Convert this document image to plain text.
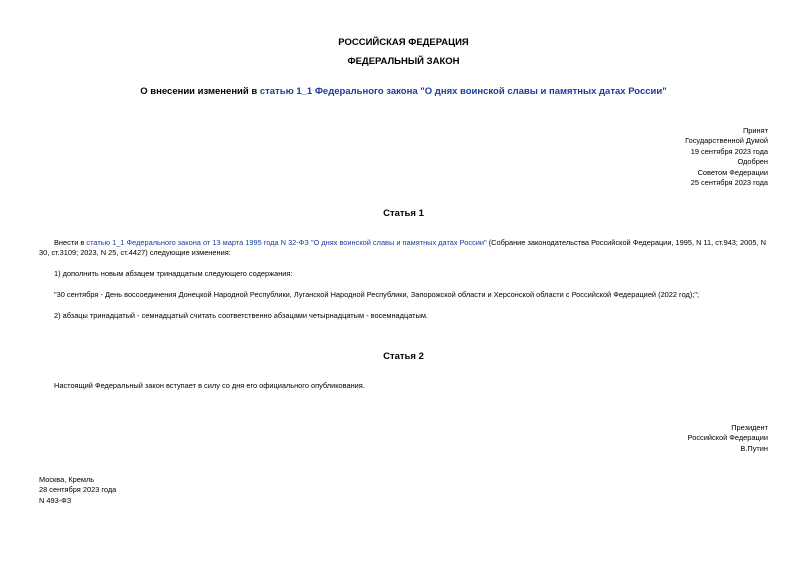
РОССИЙСКАЯ ФЕДЕРАЦИЯ
ФЕДЕРАЛЬНЫЙ ЗАКОН
О внесении изменений в статью 1_1 Федерального закона "О днях воинской славы и памятных датах России"
Принят
Государственной Думой
19 сентября 2023 года
Одобрен
Советом Федерации
25 сентября 2023 года
Статья 1
Внести в статью 1_1 Федерального закона от 13 марта 1995 года N 32-ФЗ "О днях воинской славы и памятных датах России" (Собрание законодательства Российской Федерации, 1995, N 11, ст.943; 2005, N 30, ст.3109; 2023, N 25, ст.4427) следующие изменения:
1) дополнить новым абзацем тринадцатым следующего содержания:
"30 сентября - День воссоединения Донецкой Народной Республики, Луганской Народной Республики, Запорожской области и Херсонской области с Российской Федерацией (2022 год);";
2) абзацы тринадцатый - семнадцатый считать соответственно абзацами четырнадцатым - восемнадцатым.
Статья 2
Настоящий Федеральный закон вступает в силу со дня его официального опубликования.
Президент
Российской Федерации
В.Путин
Москва, Кремль
28 сентября 2023 года
N 493-ФЗ
